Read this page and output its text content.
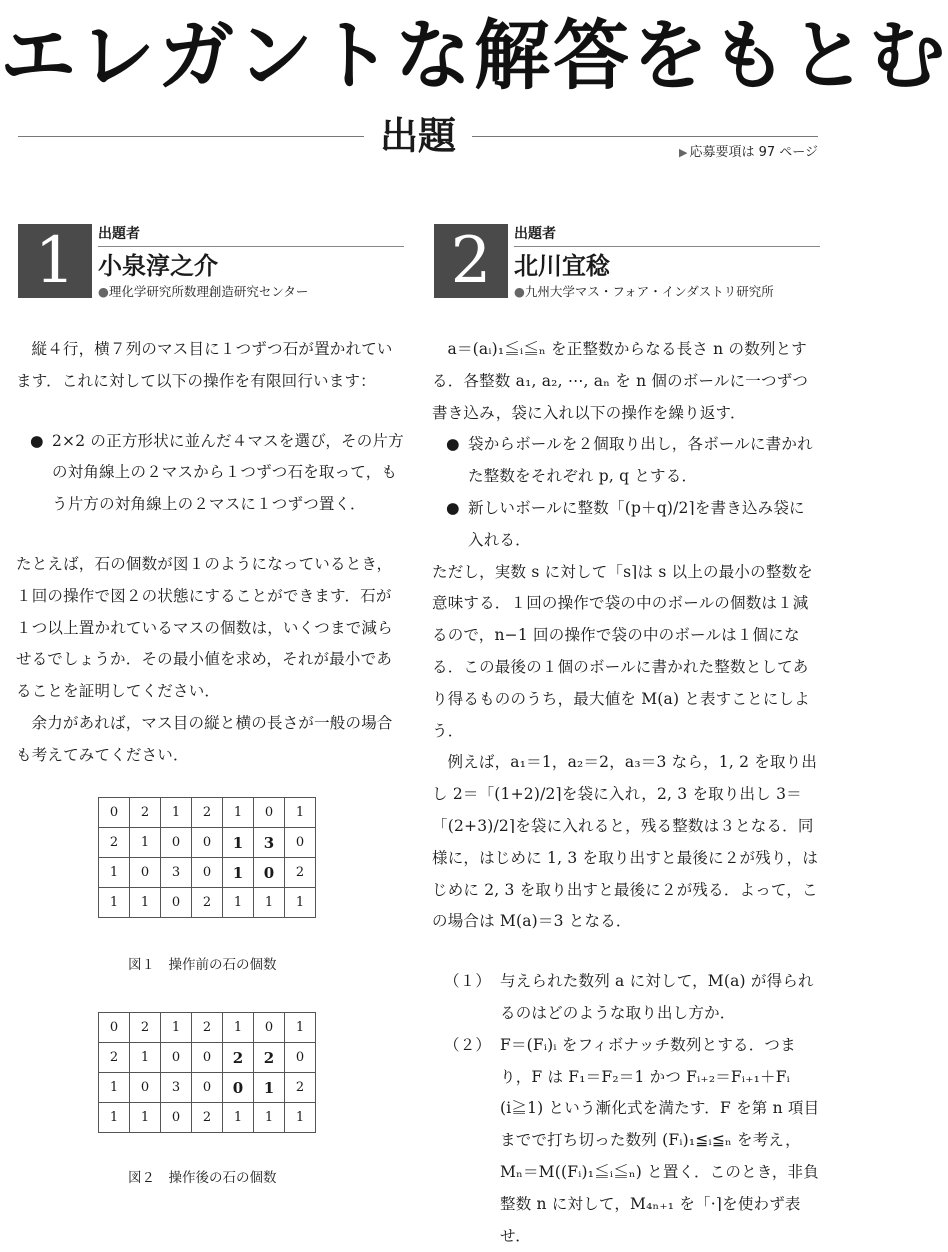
エレガントな解答をもとむ
出題	▶ 応募要項は 97 ページ
1	出題者
小泉淳之介
●理化学研究所数理創造研究センター	2	出題者
北川宜稔
●九州大学マス・フォア・インダストリ研究所

縦４行，横７列のマス目に１つずつ石が置かれています．これに対して以下の操作を有限回行います：

● 2×2 の正方形状に並んだ４マスを選び，その片方の対角線上の２マスから１つずつ石を取って，もう片方の対角線上の２マスに１つずつ置く．

たとえば，石の個数が図１のようになっているとき，１回の操作で図２の状態にすることができます．石が１つ以上置かれているマスの個数は，いくつまで減らせるでしょうか．その最小値を求め，それが最小であることを証明してください．

余力があれば，マス目の縦と横の長さが一般の場合も考えてみてください．

0	2	1	2	1	0	1
2	1	0	0	1	3	0
1	0	3	0	1	0	2
1	1	0	2	1	1	1
図１　操作前の石の個数
0	2	1	2	1	0	1
2	1	0	0	2	2	0
1	0	3	0	0	1	2
1	1	0	2	1	1	1
図２　操作後の石の個数

a＝(aᵢ)₁≦ᵢ≦ₙ を正整数からなる長さ n の数列とする．各整数 a₁, a₂, ⋯, aₙ を n 個のボールに一つずつ書き込み，袋に入れ以下の操作を繰り返す．

● 袋からボールを２個取り出し，各ボールに書かれた整数をそれぞれ p, q とする．

● 新しいボールに整数「(p＋q)/2⌉を書き込み袋に入れる．

ただし，実数 s に対して「s⌉は s 以上の最小の整数を意味する．１回の操作で袋の中のボールの個数は１減るので，n−1 回の操作で袋の中のボールは１個になる．この最後の１個のボールに書かれた整数としてあり得るもののうち，最大値を M(a) と表すことにしよう．

例えば，a₁＝1，a₂＝2，a₃＝3 なら，1, 2 を取り出し 2＝「(1+2)/2⌉を袋に入れ，2, 3 を取り出し 3＝「(2+3)/2⌉を袋に入れると，残る整数は３となる．同様に，はじめに 1, 3 を取り出すと最後に２が残り，はじめに 2, 3 を取り出すと最後に２が残る．よって，この場合は M(a)＝3 となる．

（１） 与えられた数列 a に対して，M(a) が得られるのはどのような取り出し方か．

（２） F＝(Fᵢ)ᵢ をフィボナッチ数列とする．つまり，F は F₁＝F₂＝1 かつ Fᵢ₊₂＝Fᵢ₊₁＋Fᵢ (i≧1) という漸化式を満たす．F を第 n 項目までで打ち切った数列 (Fᵢ)₁≦ᵢ≦ₙ を考え，Mₙ＝M((Fᵢ)₁≦ᵢ≦ₙ) と置く．このとき，非負整数 n に対して，M₄ₙ₊₁ を「·⌉を使わず表せ．
